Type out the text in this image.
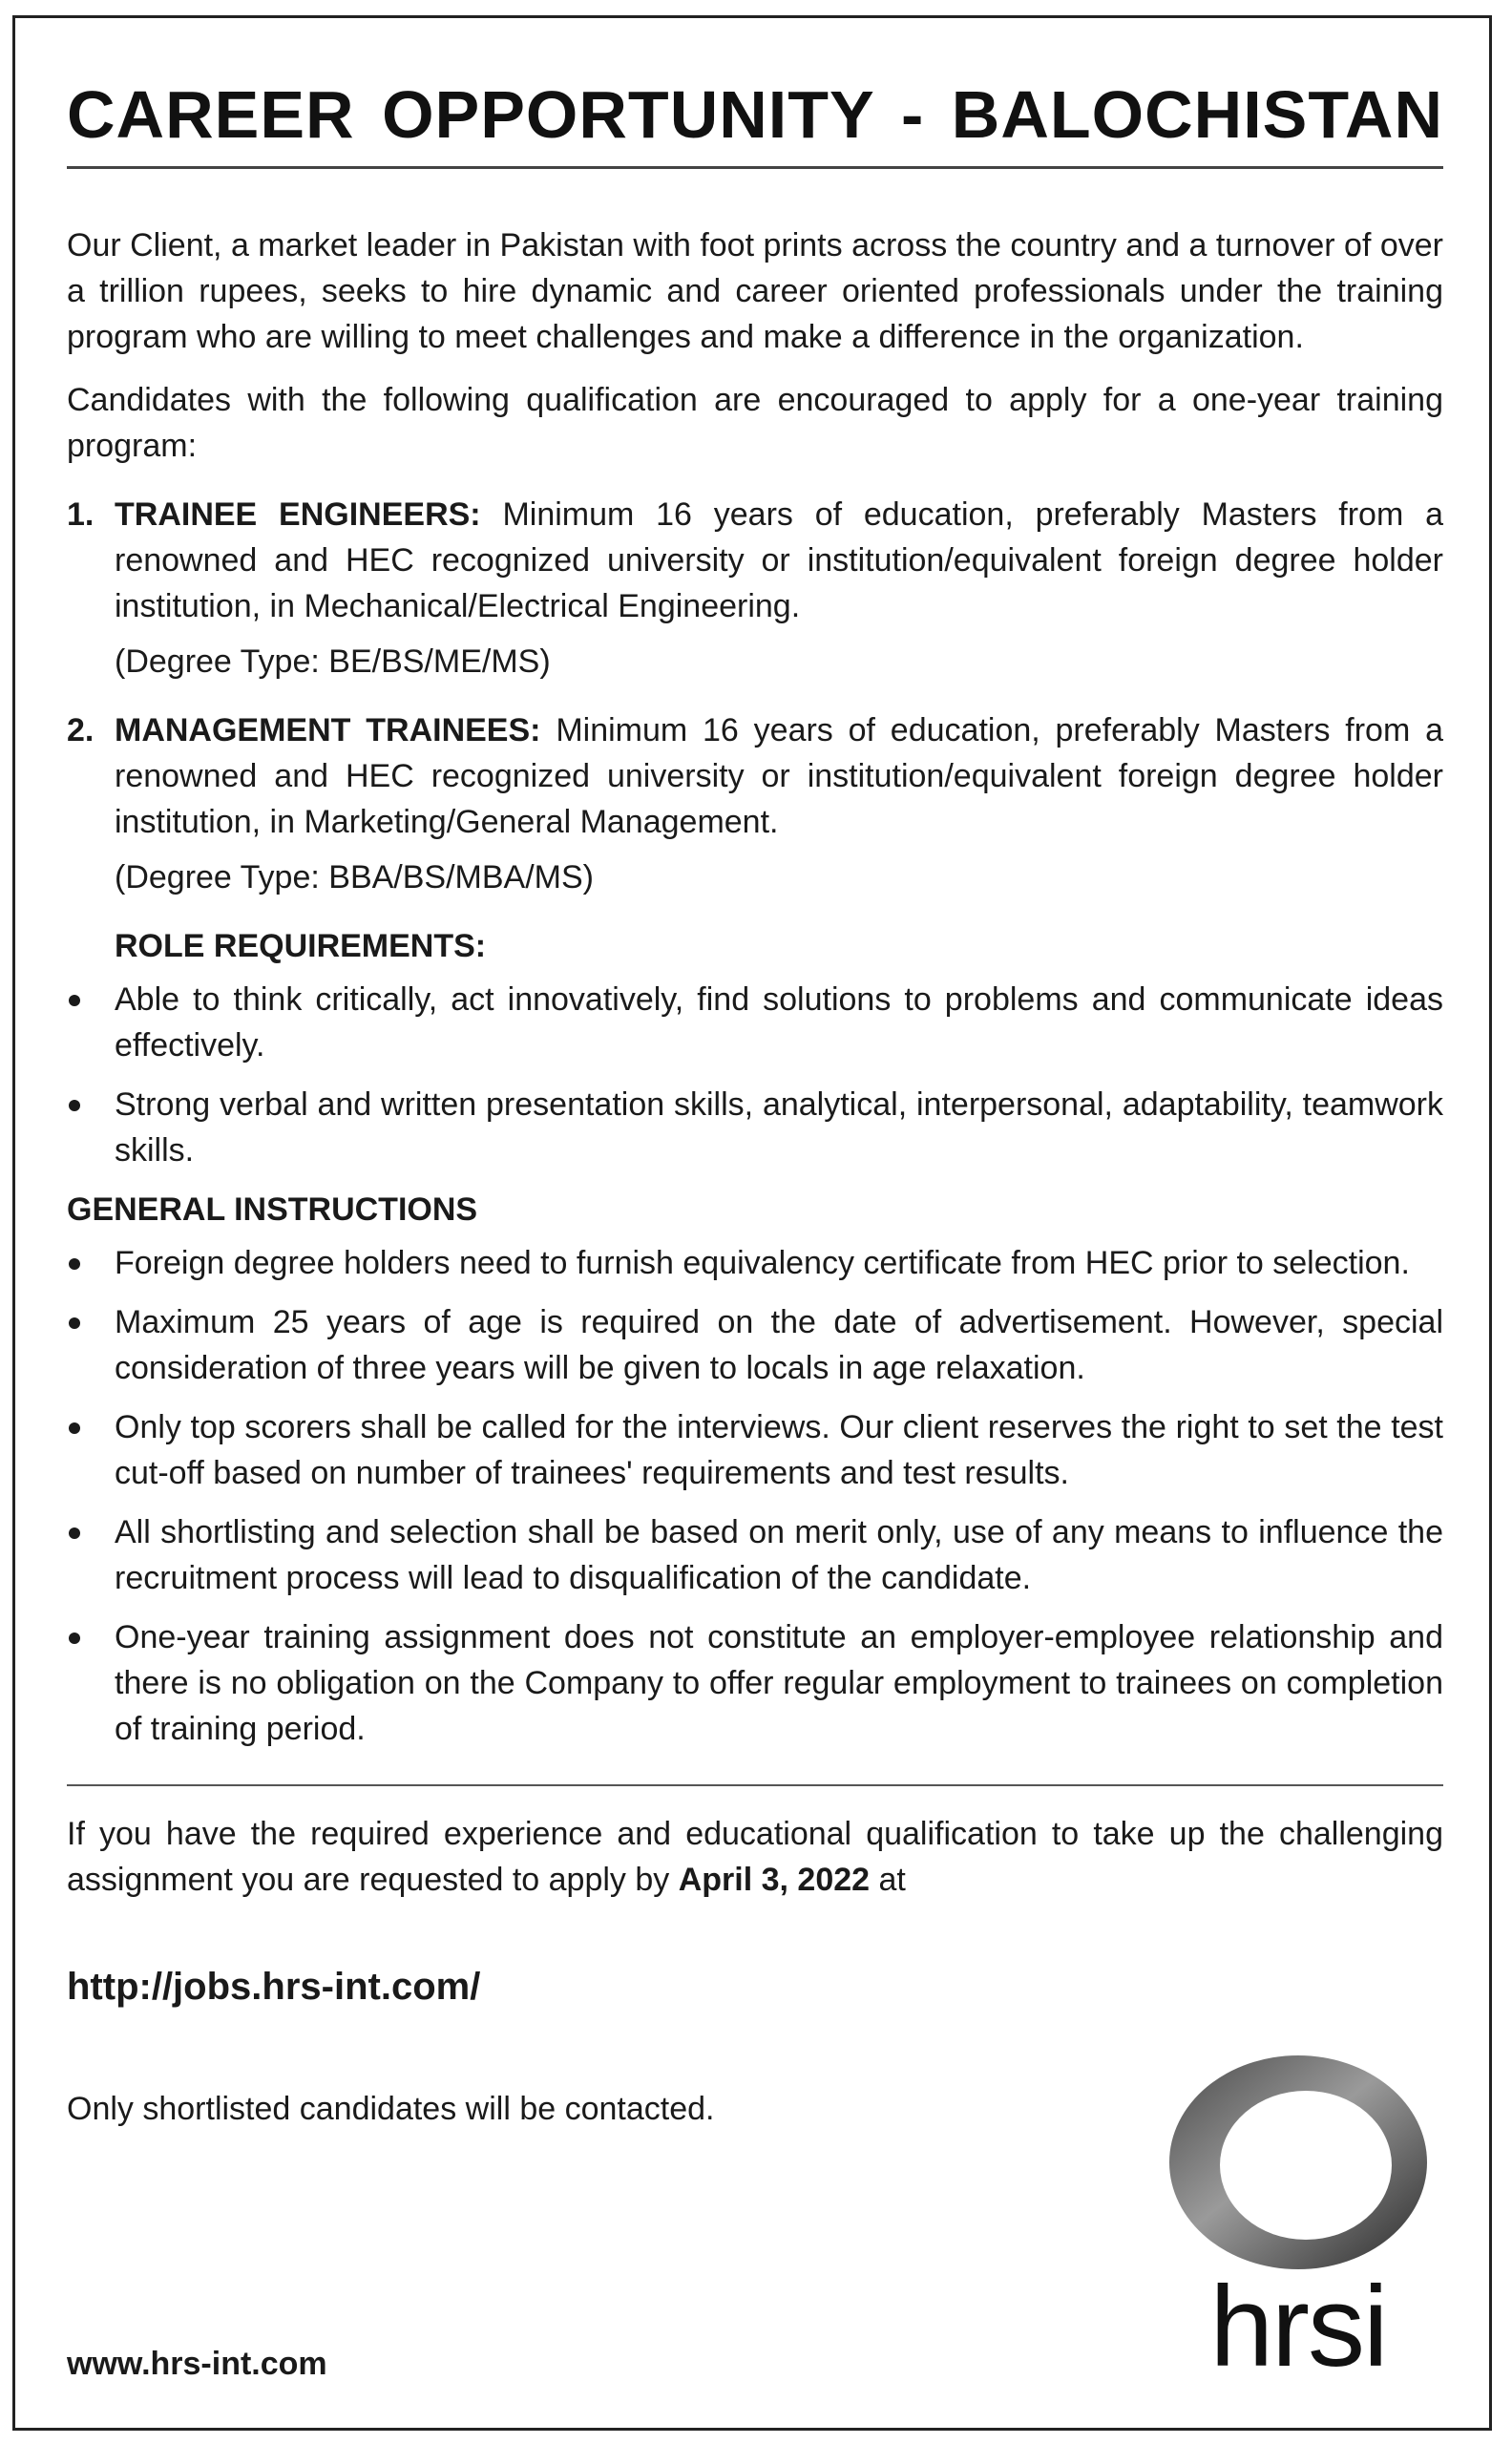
CAREER OPPORTUNITY - BALOCHISTAN

Our Client, a market leader in Pakistan with foot prints across the country and a turnover of over a trillion rupees, seeks to hire dynamic and career oriented professionals under the training program who are willing to meet challenges and make a difference in the organization.

Candidates with the following qualification are encouraged to apply for a one-year training program:

1. TRAINEE ENGINEERS: Minimum 16 years of education, preferably Masters from a renowned and HEC recognized university or institution/equivalent foreign degree holder institution, in Mechanical/Electrical Engineering.
(Degree Type: BE/BS/ME/MS)
2. MANAGEMENT TRAINEES: Minimum 16 years of education, preferably Masters from a renowned and HEC recognized university or institution/equivalent foreign degree holder institution, in Marketing/General Management.
(Degree Type: BBA/BS/MBA/MS)
ROLE REQUIREMENTS:
Able to think critically, act innovatively, find solutions to problems and communicate ideas effectively.
Strong verbal and written presentation skills, analytical, interpersonal, adaptability, teamwork skills.
GENERAL INSTRUCTIONS
Foreign degree holders need to furnish equivalency certificate from HEC prior to selection.
Maximum 25 years of age is required on the date of advertisement. However, special consideration of three years will be given to locals in age relaxation.
Only top scorers shall be called for the interviews. Our client reserves the right to set the test cut-off based on number of trainees' requirements and test results.
All shortlisting and selection shall be based on merit only, use of any means to influence the recruitment process will lead to disqualification of the candidate.
One-year training assignment does not constitute an employer-employee relationship and there is no obligation on the Company to offer regular employment to trainees on completion of training period.

If you have the required experience and educational qualification to take up the challenging assignment you are requested to apply by April 3, 2022 at

http://jobs.hrs-int.com/

Only shortlisted candidates will be contacted.

www.hrs-int.com	hrsi
